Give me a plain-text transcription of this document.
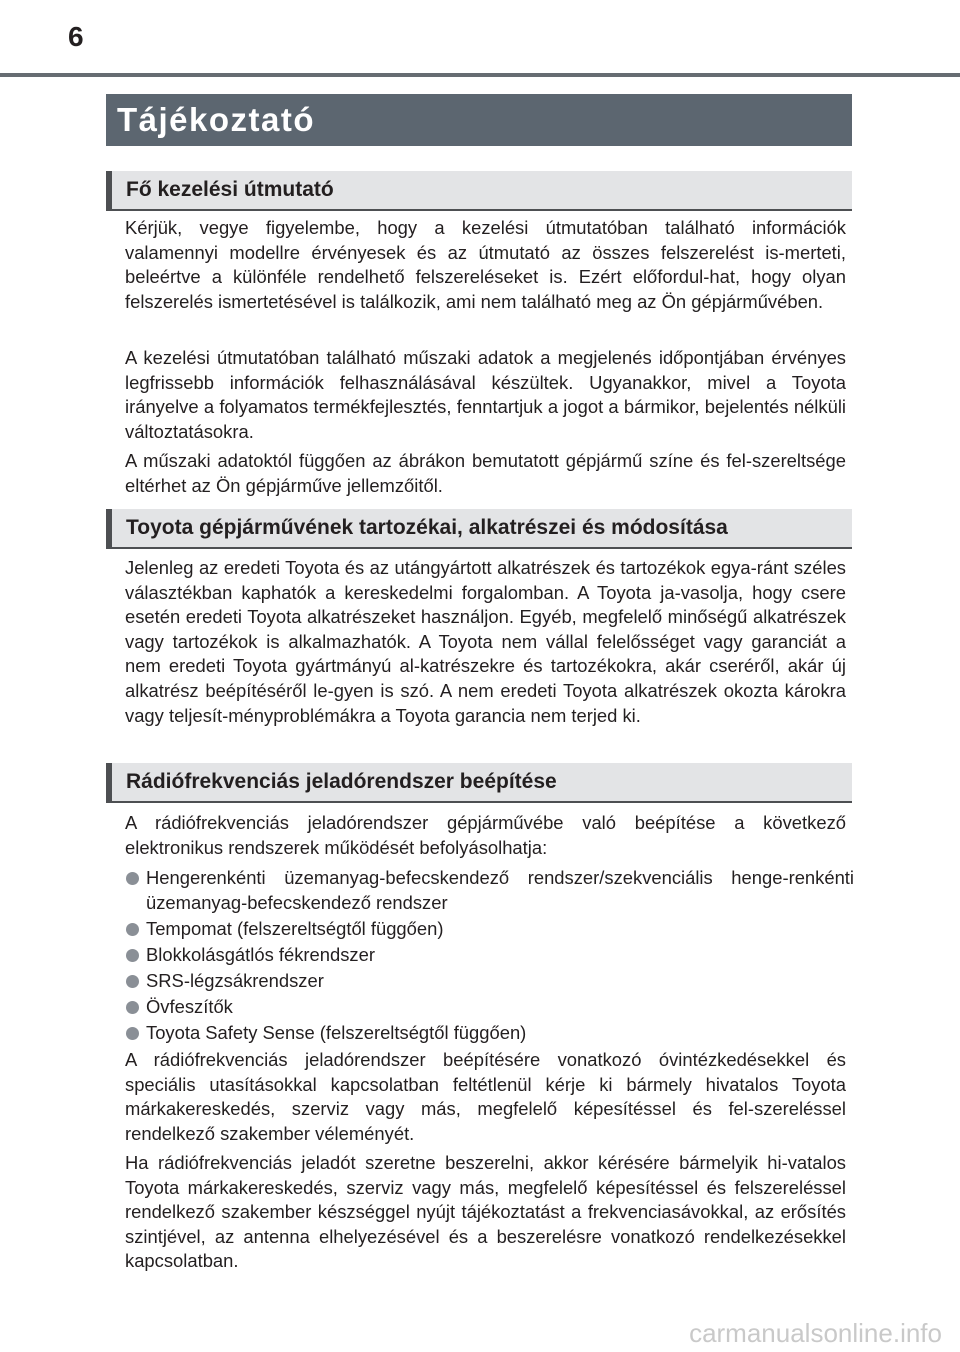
6
Tájékoztató
Fő kezelési útmutató

Kérjük, vegye figyelembe, hogy a kezelési útmutatóban található információk valamennyi modellre érvényesek és az útmutató az összes felszerelést is-merteti, beleértve a különféle rendelhető felszereléseket is. Ezért előfordul-hat, hogy olyan felszerelés ismertetésével is találkozik, ami nem található meg az Ön gépjárművében.

A kezelési útmutatóban található műszaki adatok a megjelenés időpontjában érvényes legfrissebb információk felhasználásával készültek. Ugyanakkor, mivel a Toyota irányelve a folyamatos termékfejlesztés, fenntartjuk a jogot a bármikor, bejelentés nélküli változtatásokra.

A műszaki adatoktól függően az ábrákon bemutatott gépjármű színe és fel-szereltsége eltérhet az Ön gépjárműve jellemzőitől.

Toyota gépjárművének tartozékai, alkatrészei és módosítása

Jelenleg az eredeti Toyota és az utángyártott alkatrészek és tartozékok egya-ránt széles választékban kaphatók a kereskedelmi forgalomban. A Toyota ja-vasolja, hogy csere esetén eredeti Toyota alkatrészeket használjon. Egyéb, megfelelő minőségű alkatrészek vagy tartozékok is alkalmazhatók. A Toyota nem vállal felelősséget vagy garanciát a nem eredeti Toyota gyártmányú al-katrészekre és tartozékokra, akár cseréről, akár új alkatrész beépítéséről le-gyen is szó. A nem eredeti Toyota alkatrészek okozta károkra vagy teljesít-ményproblémákra a Toyota garancia nem terjed ki.

Rádiófrekvenciás jeladórendszer beépítése

A rádiófrekvenciás jeladórendszer gépjárművébe való beépítése a következő elektronikus rendszerek működését befolyásolhatja:

Hengerenkénti üzemanyag-befecskendező rendszer/szekvenciális henge-renkénti üzemanyag-befecskendező rendszer
Tempomat (felszereltségtől függően)
Blokkolásgátlós fékrendszer
SRS-légzsákrendszer
Övfeszítők
Toyota Safety Sense (felszereltségtől függően)

A rádiófrekvenciás jeladórendszer beépítésére vonatkozó óvintézkedésekkel és speciális utasításokkal kapcsolatban feltétlenül kérje ki bármely hivatalos Toyota márkakereskedés, szerviz vagy más, megfelelő képesítéssel és fel-szereléssel rendelkező szakember véleményét.

Ha rádiófrekvenciás jeladót szeretne beszerelni, akkor kérésére bármelyik hi-vatalos Toyota márkakereskedés, szerviz vagy más, megfelelő képesítéssel és felszereléssel rendelkező szakember készséggel nyújt tájékoztatást a frekvenciasávokkal, az erősítés szintjével, az antenna elhelyezésével és a beszerelésre vonatkozó rendelkezésekkel kapcsolatban.

carmanualsonline.info
